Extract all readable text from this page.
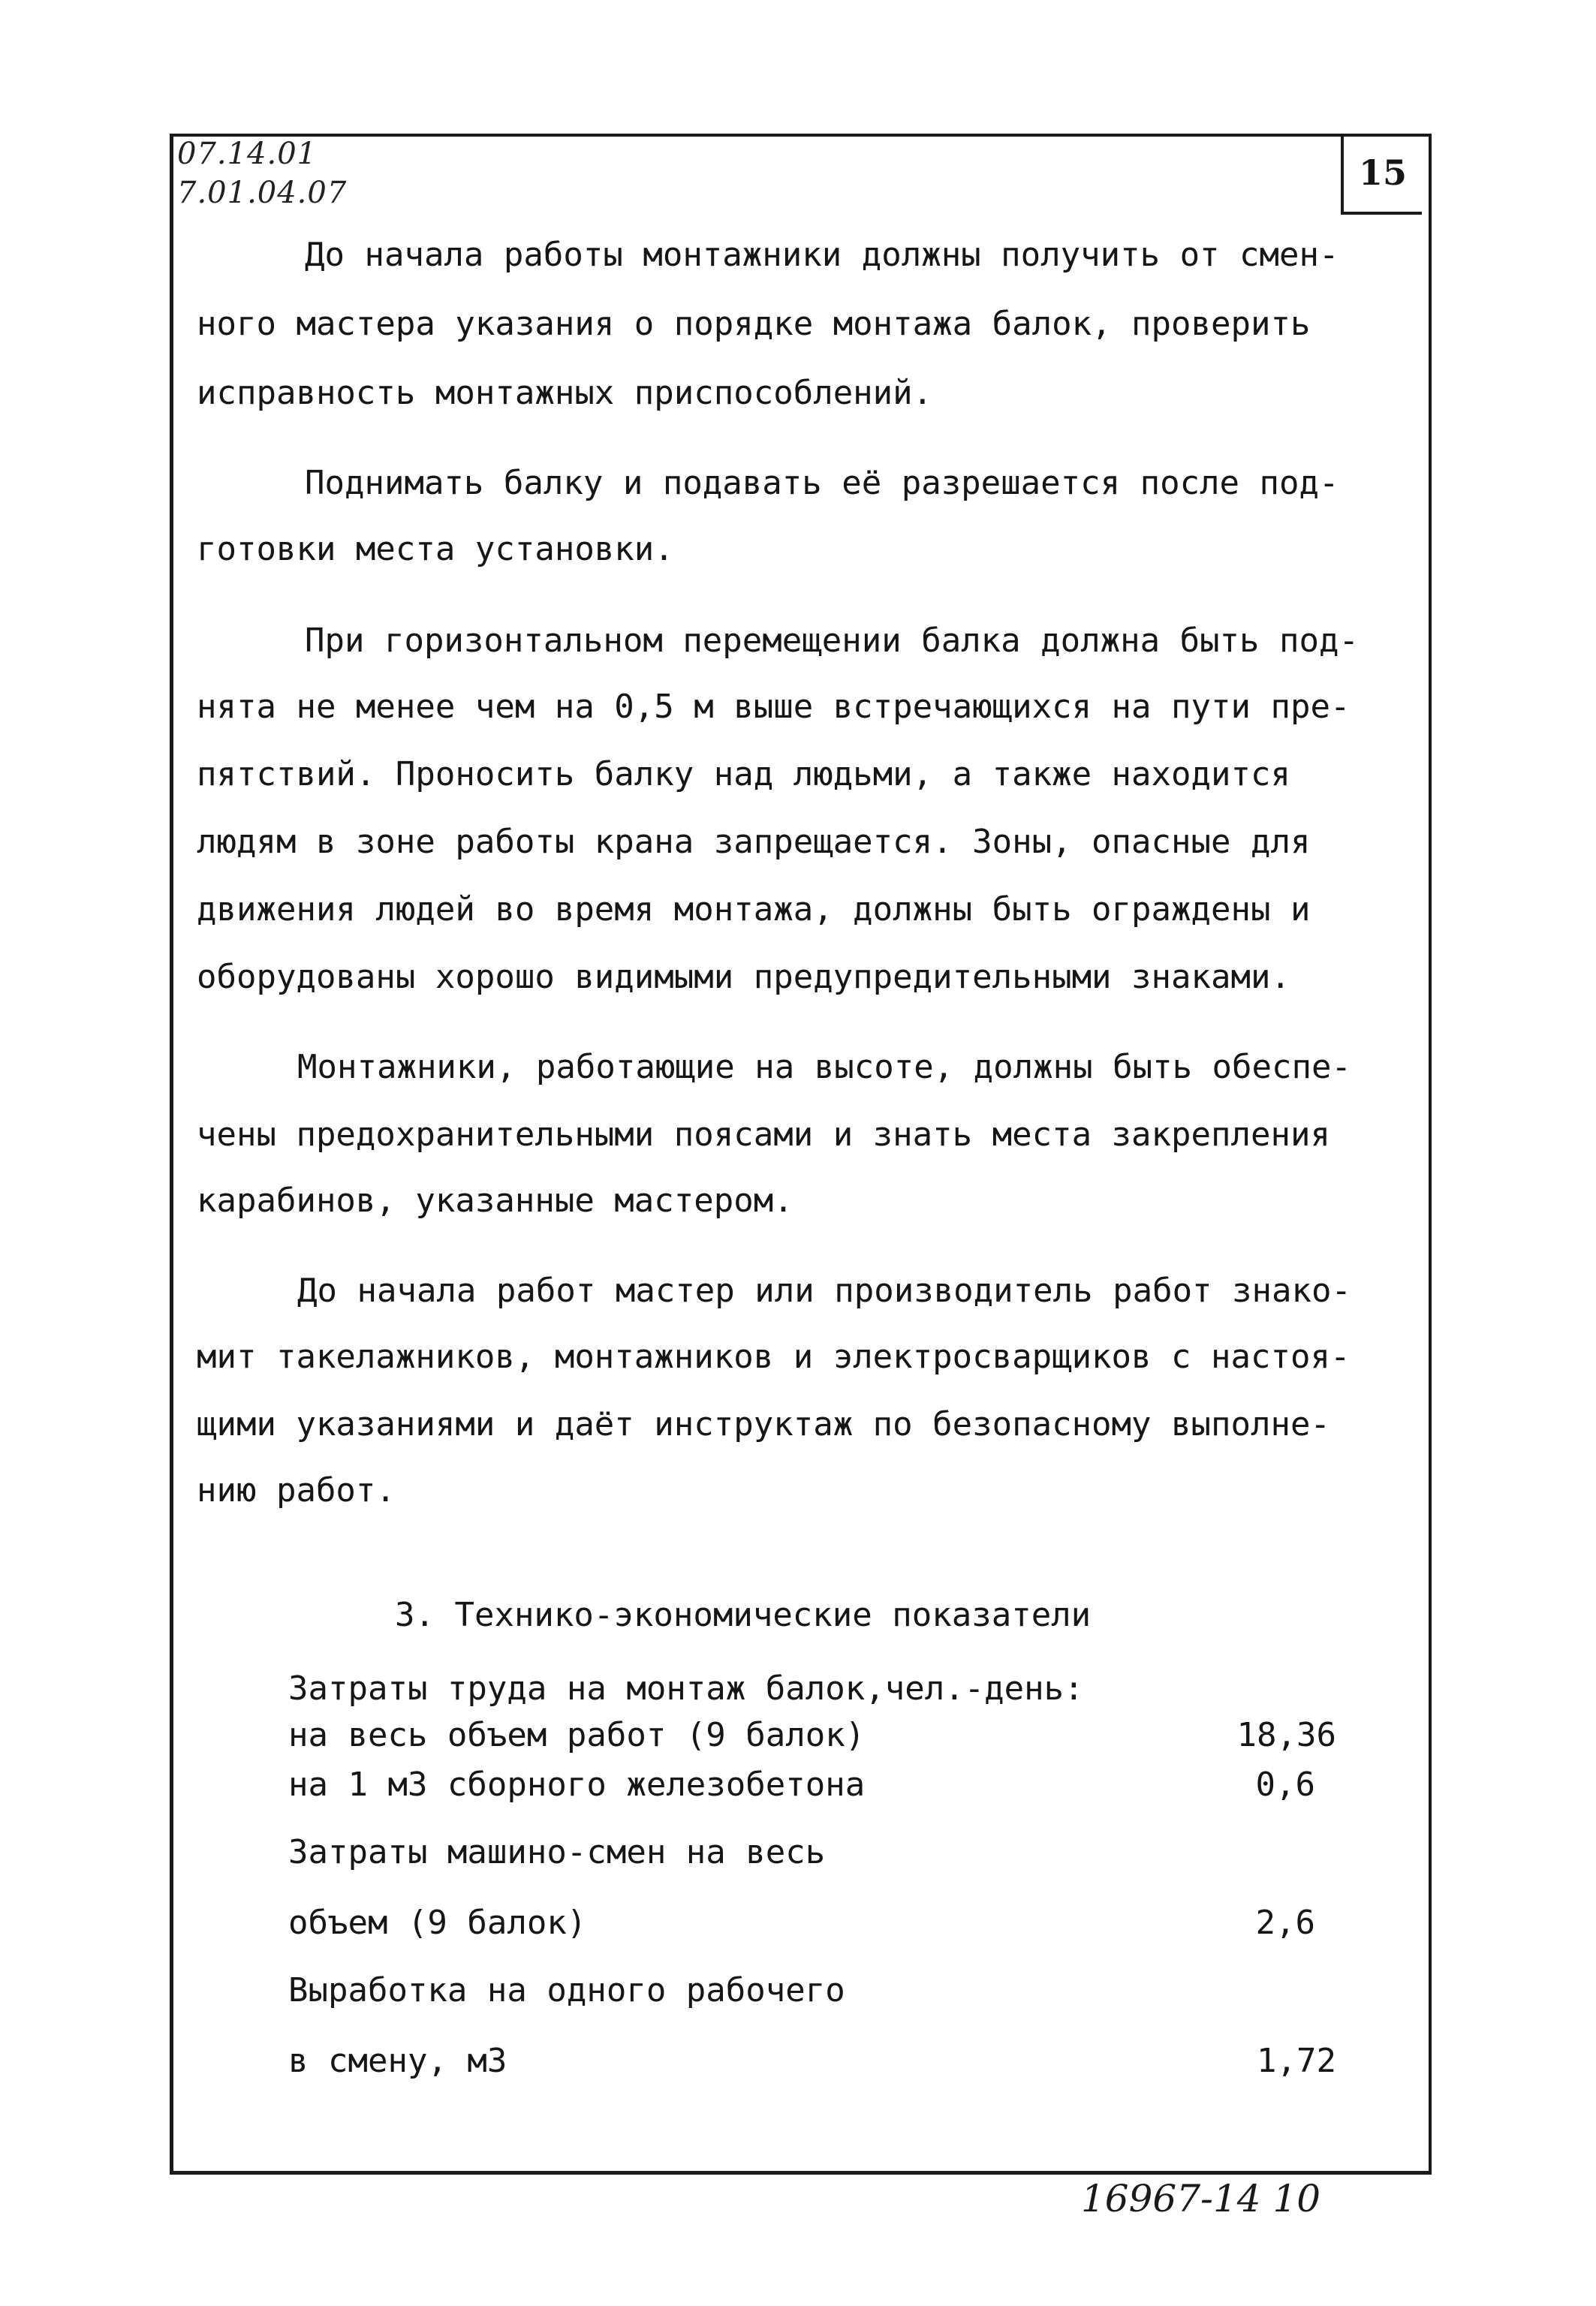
07.14.01
7.01.04.07	15
До начала работы монтажники должны получить от смен-
ного мастера указания о порядке монтажа балок, проверить
исправность монтажных приспособлений.
Поднимать балку и подавать её разрешается после под-
готовки места установки.
При горизонтальном перемещении балка должна быть под-
нята не менее чем на 0,5 м выше встречающихся на пути пре-
пятствий. Проносить балку над людьми, а также находится
людям в зоне работы крана запрещается. Зоны, опасные для
движения людей во время монтажа, должны быть ограждены и
оборудованы хорошо видимыми предупредительными знаками.
Монтажники, работающие на высоте, должны быть обеспе-
чены предохранительными поясами и знать места закрепления
карабинов, указанные мастером.
До начала работ мастер или производитель работ знако-
мит такелажников, монтажников и электросварщиков с настоя-
щими указаниями и даёт инструктаж по безопасному выполне-
нию работ.
3. Технико-экономические показатели
Затраты труда на монтаж балок,чел.-день:
на весь объем работ (9 балок)	18,36
на 1 м3 сборного железобетона	0,6
Затраты машино-смен на весь
объем (9 балок)	2,6
Выработка на одного рабочего
в смену, м3	1,72
16967-14 10
